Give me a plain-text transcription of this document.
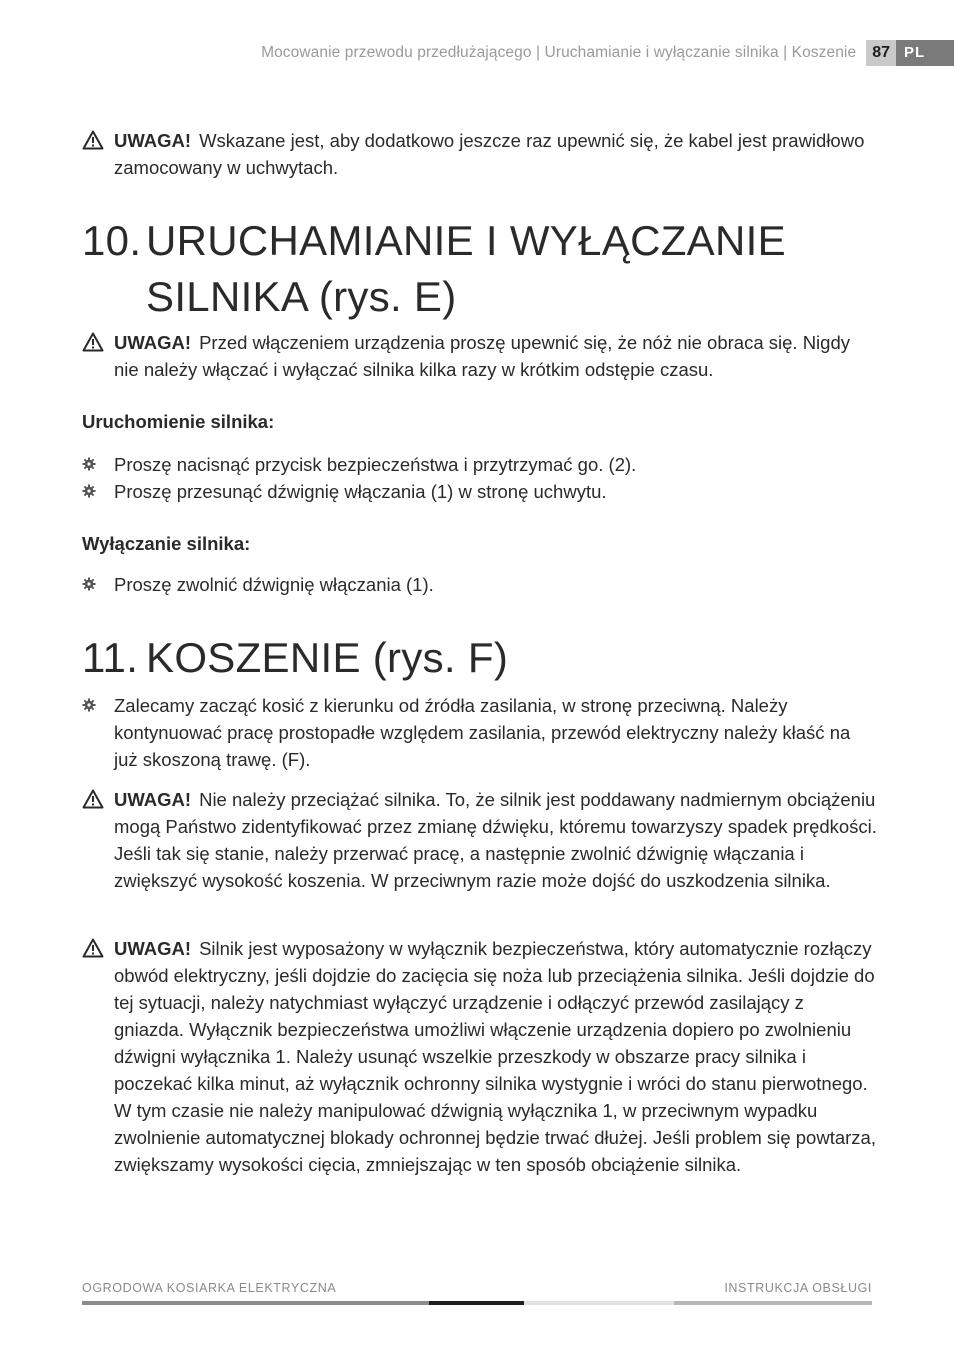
Mocowanie przewodu przedłużającego | Uruchamianie i wyłączanie silnika | Koszenie	87 PL
UWAGA! Wskazane jest, aby dodatkowo jeszcze raz upewnić się, że kabel jest prawidłowo zamocowany w uchwytach.
10. URUCHAMIANIE I WYŁĄCZANIE
SILNIKA (rys. E)
UWAGA! Przed włączeniem urządzenia proszę upewnić się, że nóż nie obraca się. Nigdy nie należy włączać i wyłączać silnika kilka razy w krótkim odstępie czasu.
Uruchomienie silnika:
Proszę nacisnąć przycisk bezpieczeństwa i przytrzymać go. (2).
Proszę przesunąć dźwignię włączania (1) w stronę uchwytu.
Wyłączanie silnika:
Proszę zwolnić dźwignię włączania (1).
11. KOSZENIE (rys. F)
Zalecamy zacząć kosić z kierunku od źródła zasilania, w stronę przeciwną. Należy kontynuować pracę prostopadłe względem zasilania, przewód elektryczny należy kłaść na już skoszoną trawę. (F).
UWAGA! Nie należy przeciążać silnika. To, że silnik jest poddawany nadmiernym obciążeniu mogą Państwo zidentyfikować przez zmianę dźwięku, któremu towarzyszy spadek prędkości. Jeśli tak się stanie, należy przerwać pracę, a następnie zwolnić dźwignię włączania i zwiększyć wysokość koszenia. W przeciwnym razie może dojść do uszkodzenia silnika.
UWAGA! Silnik jest wyposażony w wyłącznik bezpieczeństwa, który automatycznie rozłączy obwód elektryczny, jeśli dojdzie do zacięcia się noża lub przeciążenia silnika. Jeśli dojdzie do tej sytuacji, należy natychmiast wyłączyć urządzenie i odłączyć przewód zasilający z gniazda. Wyłącznik bezpieczeństwa umożliwi włączenie urządzenia dopiero po zwolnieniu dźwigni wyłącznika 1. Należy usunąć wszelkie przeszkody w obszarze pracy silnika i poczekać kilka minut, aż wyłącznik ochronny silnika wystygnie i wróci do stanu pierwotnego. W tym czasie nie należy manipulować dźwignią wyłącznika 1, w przeciwnym wypadku zwolnienie automatycznej blokady ochronnej będzie trwać dłużej. Jeśli problem się powtarza, zwiększamy wysokości cięcia, zmniejszając w ten sposób obciążenie silnika.
OGRODOWA KOSIARKA ELEKTRYCZNA	INSTRUKCJA OBSŁUGI
